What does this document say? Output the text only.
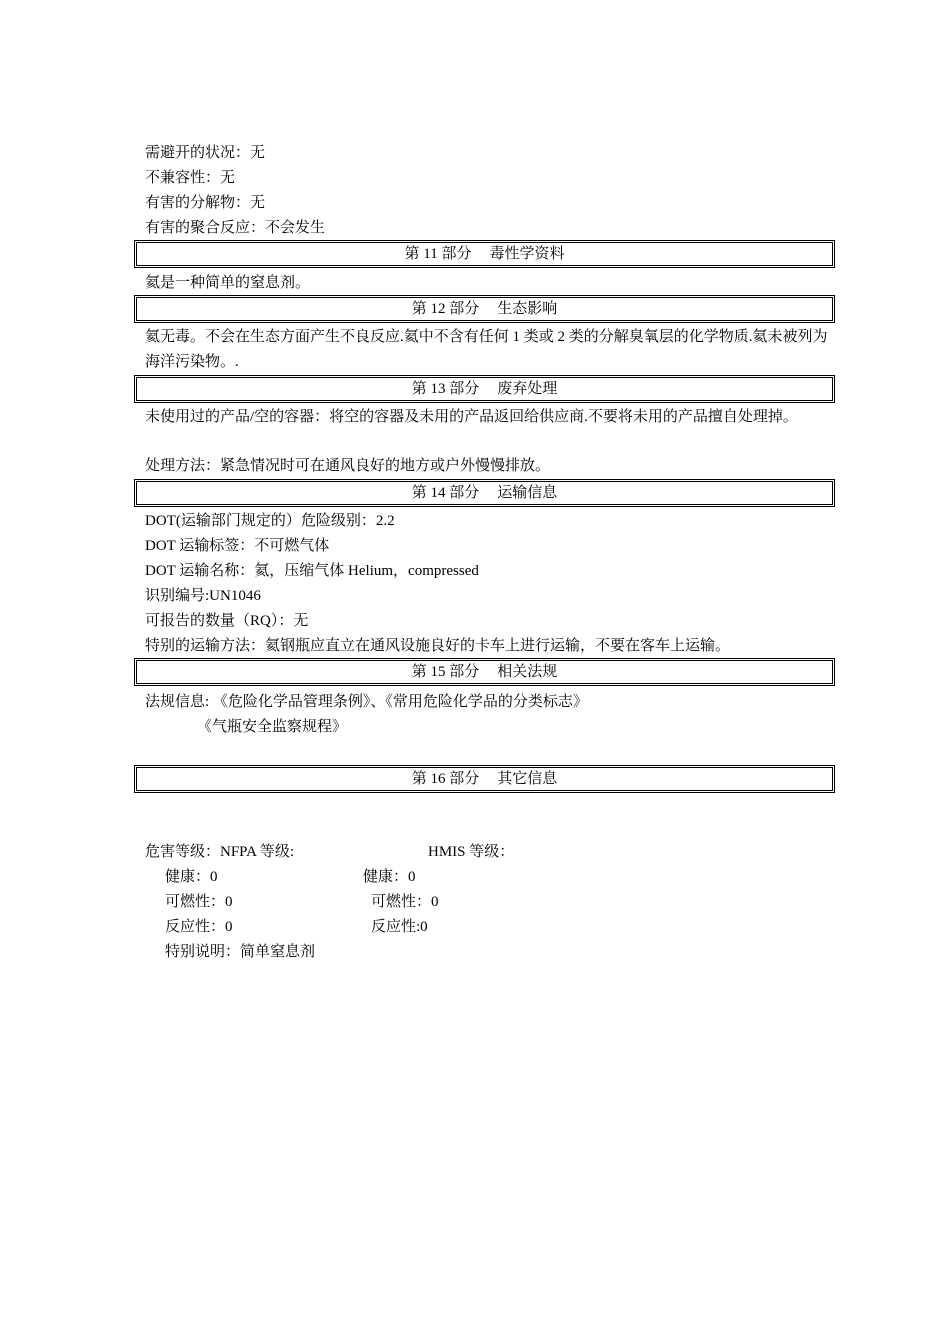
需避开的状况：无
不兼容性：无
有害的分解物：无
有害的聚合反应：不会发生
第 11 部分 毒性学资料
氦是一种简单的窒息剂。
第 12 部分 生态影响
氦无毒。不会在生态方面产生不良反应.氦中不含有任何 1 类或 2 类的分解臭氧层的化学物质.氦未被列为海洋污染物。.
第 13 部分 废弃处理
未使用过的产品/空的容器：将空的容器及未用的产品返回给供应商.不要将未用的产品擅自处理掉。
处理方法：紧急情况时可在通风良好的地方或户外慢慢排放。
第 14 部分 运输信息
DOT(运输部门规定的）危险级别：2.2
DOT 运输标签：不可燃气体
DOT 运输名称：氦，压缩气体 Helium，compressed
识别编号:UN1046
可报告的数量（RQ）：无
特别的运输方法：氦钢瓶应直立在通风设施良好的卡车上进行运输，不要在客车上运输。
第 15 部分 相关法规
法规信息: 《危险化学品管理条例》、《常用危险化学品的分类标志》
《气瓶安全监察规程》
第 16 部分 其它信息
危害等级：NFPA 等级:	HMIS 等级：
健康：0	健康：0
可燃性：0	可燃性：0
反应性：0	反应性:0
特别说明：简单窒息剂
